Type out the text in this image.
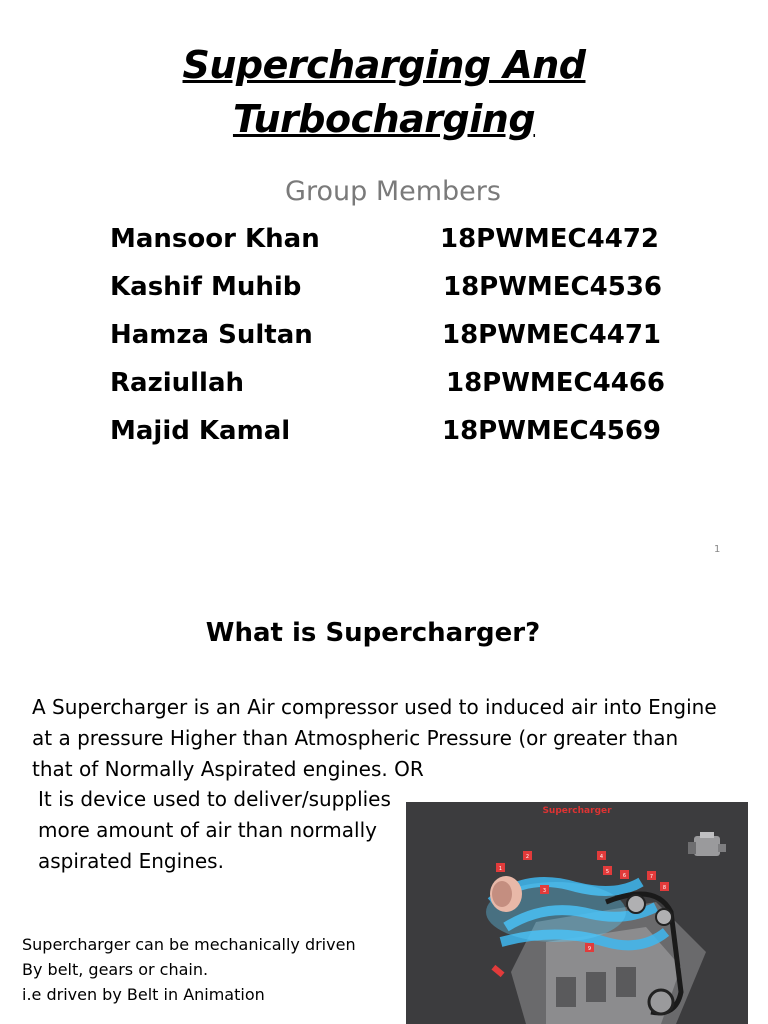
Supercharging And
Turbocharging
Group Members
Mansoor Khan	18PWMEC4472
Kashif Muhib	18PWMEC4536
Hamza Sultan	18PWMEC4471
Raziullah	18PWMEC4466
Majid Kamal	18PWMEC4569
1
What is Supercharger?

A Supercharger is an Air compressor used to induced air into Engine

at a pressure Higher than Atmospheric Pressure (or greater than

that of Normally Aspirated engines. OR

It is device used to deliver/supplies

more amount of air than normally

aspirated Engines.

Supercharger can be mechanically driven

By belt, gears or chain.

i.e driven by Belt in Animation

1
2
3
4
5
6	7
8
9
Supercharger
